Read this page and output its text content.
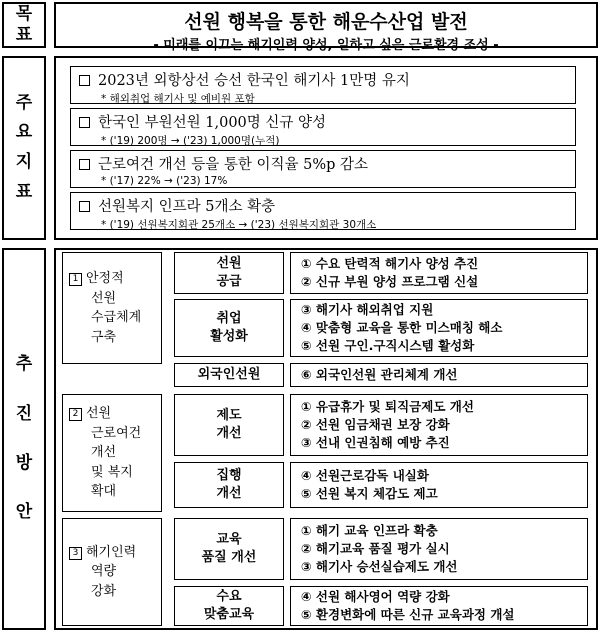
목
표
선원 행복을 통한 해운수산업 발전
- 미래를 이끄는 해기인력 양성, 일하고 싶은 근로환경 조성 -
주
요
지
표
2023년 외항상선 승선 한국인 해기사 1만명 유지
* 해외취업 해기사 및 예비원 포함
한국인 부원선원 1,000명 신규 양성
* ('19) 200명 → ('23) 1,000명(누적)
근로여건 개선 등을 통한 이직율 5%p 감소
* ('17) 22% → ('23) 17%
선원복지 인프라 5개소 확충
* ('19) 선원복지회관 25개소 → ('23) 선원복지회관 30개소
추
진
방
안
1 안정적
선원
수급체계
구축
선원
공급
① 수요 탄력적 해기사 양성 추진
② 신규 부원 양성 프로그램 신설
취업
활성화
③ 해기사 해외취업 지원
④ 맞춤형 교육을 통한 미스매칭 해소
⑤ 선원 구인.구직시스템 활성화
외국인선원	⑥ 외국인선원 관리체계 개선
2 선원
근로여건
개선
및 복지
확대
제도
개선
① 유급휴가 및 퇴직금제도 개선
② 선원 임금채권 보장 강화
③ 선내 인권침해 예방 추진
집행
개선
④ 선원근로감독 내실화
⑤ 선원 복지 체감도 제고
3 해기인력
역량
강화
교육
품질 개선
① 해기 교육 인프라 확충
② 해기교육 품질 평가 실시
③ 해기사 승선실습제도 개선
수요
맞춤교육
④ 선원 해사영어 역량 강화
⑤ 환경변화에 따른 신규 교육과정 개설
